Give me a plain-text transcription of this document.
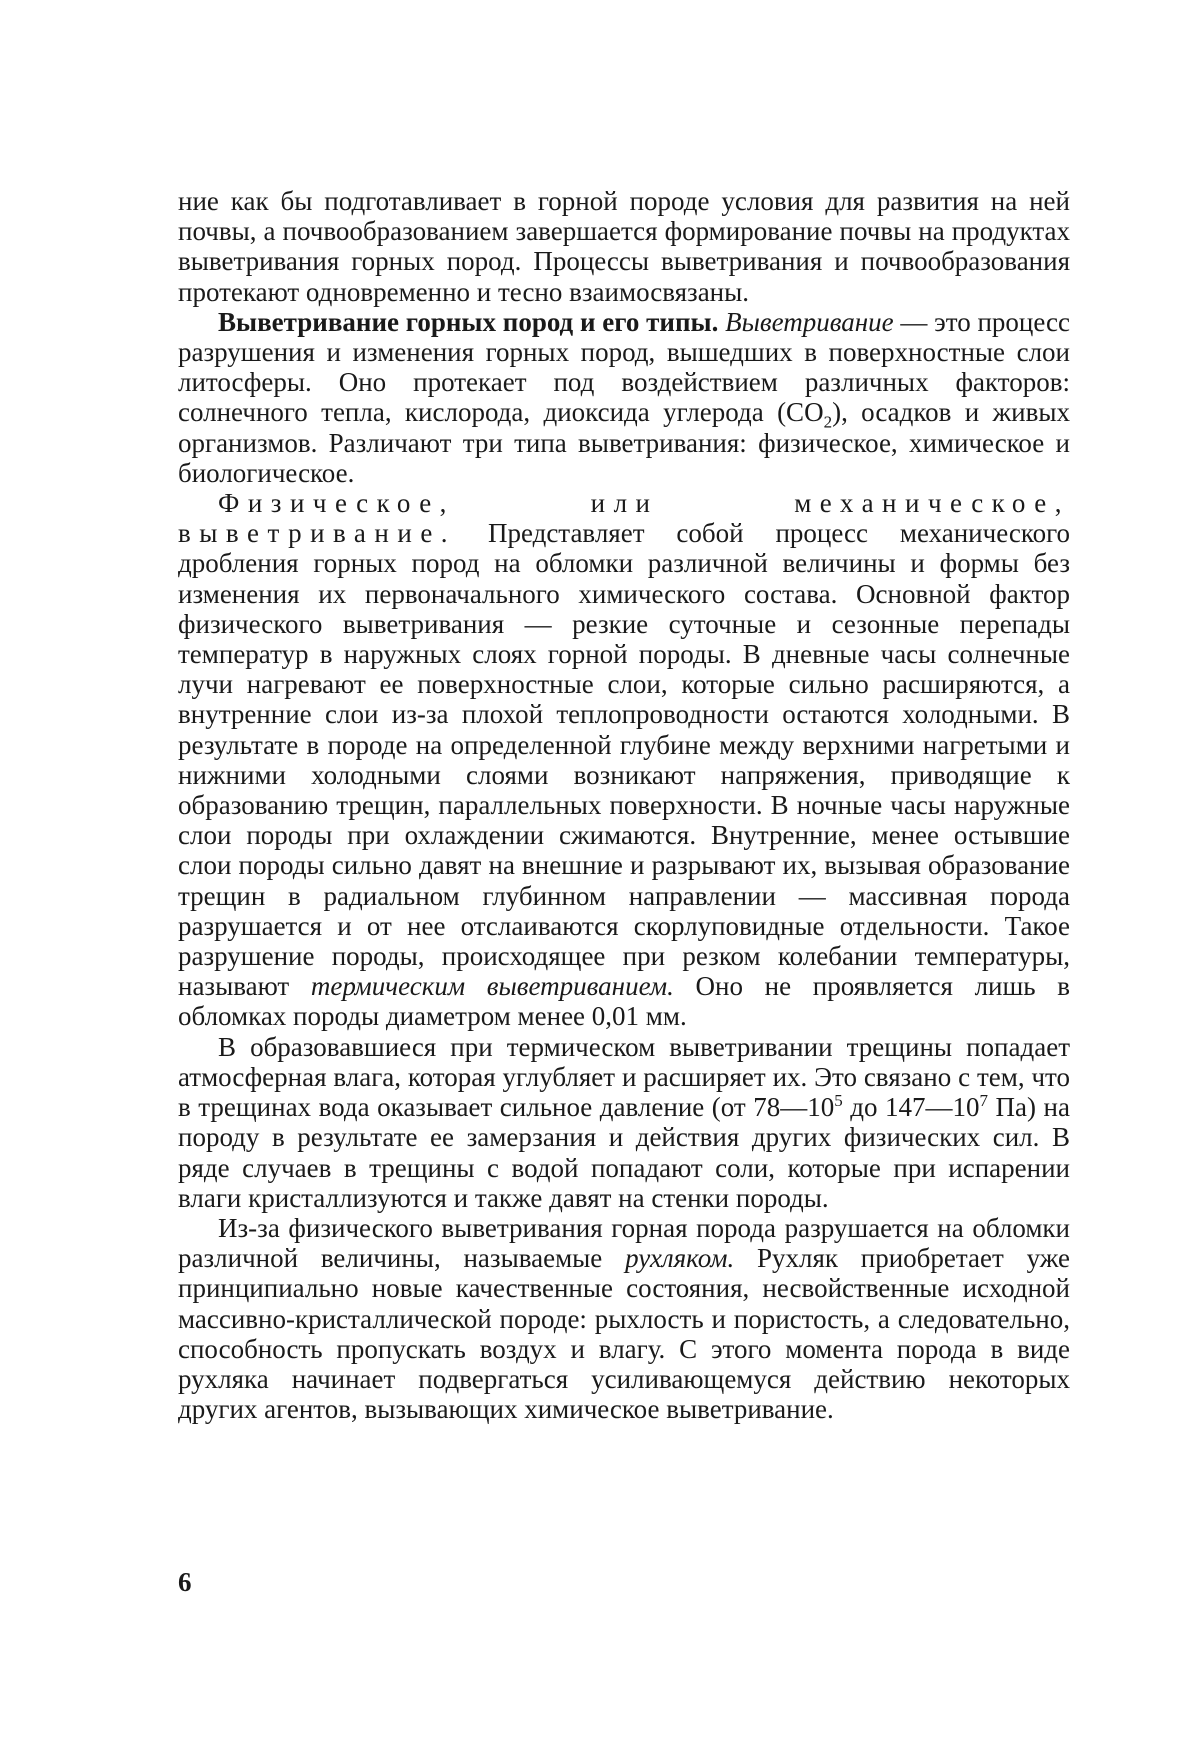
ние как бы подготавливает в горной породе условия для развития на ней почвы, а почвообразованием завершается формирование почвы на продуктах выветривания горных пород. Процессы выветривания и почвообразования протекают одновременно и тесно взаимосвязаны.

Выветривание горных пород и его типы. Выветривание — это процесс разрушения и изменения горных пород, вышедших в поверхностные слои литосферы. Оно протекает под воздействием различных факторов: солнечного тепла, кислорода, диоксида углерода $(CO_2)$, осадков и живых организмов. Различают три типа выветривания: физическое, химическое и биологическое.

Физическое, или механическое, выветривание. Представляет собой процесс механического дробления горных пород на обломки различной величины и формы без изменения их первоначального химического состава. Основной фактор физического выветривания — резкие суточные и сезонные перепады температур в наружных слоях горной породы. В дневные часы солнечные лучи нагревают ее поверхностные слои, которые сильно расширяются, а внутренние слои из-за плохой теплопроводности остаются холодными. В результате в породе на определенной глубине между верхними нагретыми и нижними холодными слоями возникают напряжения, приводящие к образованию трещин, параллельных поверхности. В ночные часы наружные слои породы при охлаждении сжимаются. Внутренние, менее остывшие слои породы сильно давят на внешние и разрывают их, вызывая образование трещин в радиальном глубинном направлении — массивная порода разрушается и от нее отслаиваются скорлуповидные отдельности. Такое разрушение породы, происходящее при резком колебании температуры, называют термическим выветриванием. Оно не проявляется лишь в обломках породы диаметром менее 0,01 мм.

В образовавшиеся при термическом выветривании трещины попадает атмосферная влага, которая углубляет и расширяет их. Это связано с тем, что в трещинах вода оказывает сильное давление (от $78—10^5$ до $147—10^7$ Па) на породу в результате ее замерзания и действия других физических сил. В ряде случаев в трещины с водой попадают соли, которые при испарении влаги кристаллизуются и также давят на стенки породы.

Из-за физического выветривания горная порода разрушается на обломки различной величины, называемые рухляком. Рухляк приобретает уже принципиально новые качественные состояния, несвойственные исходной массивно-кристаллической породе: рыхлость и пористость, а следовательно, способность пропускать воздух и влагу. С этого момента порода в виде рухляка начинает подвергаться усиливающемуся действию некоторых других агентов, вызывающих химическое выветривание.

6
